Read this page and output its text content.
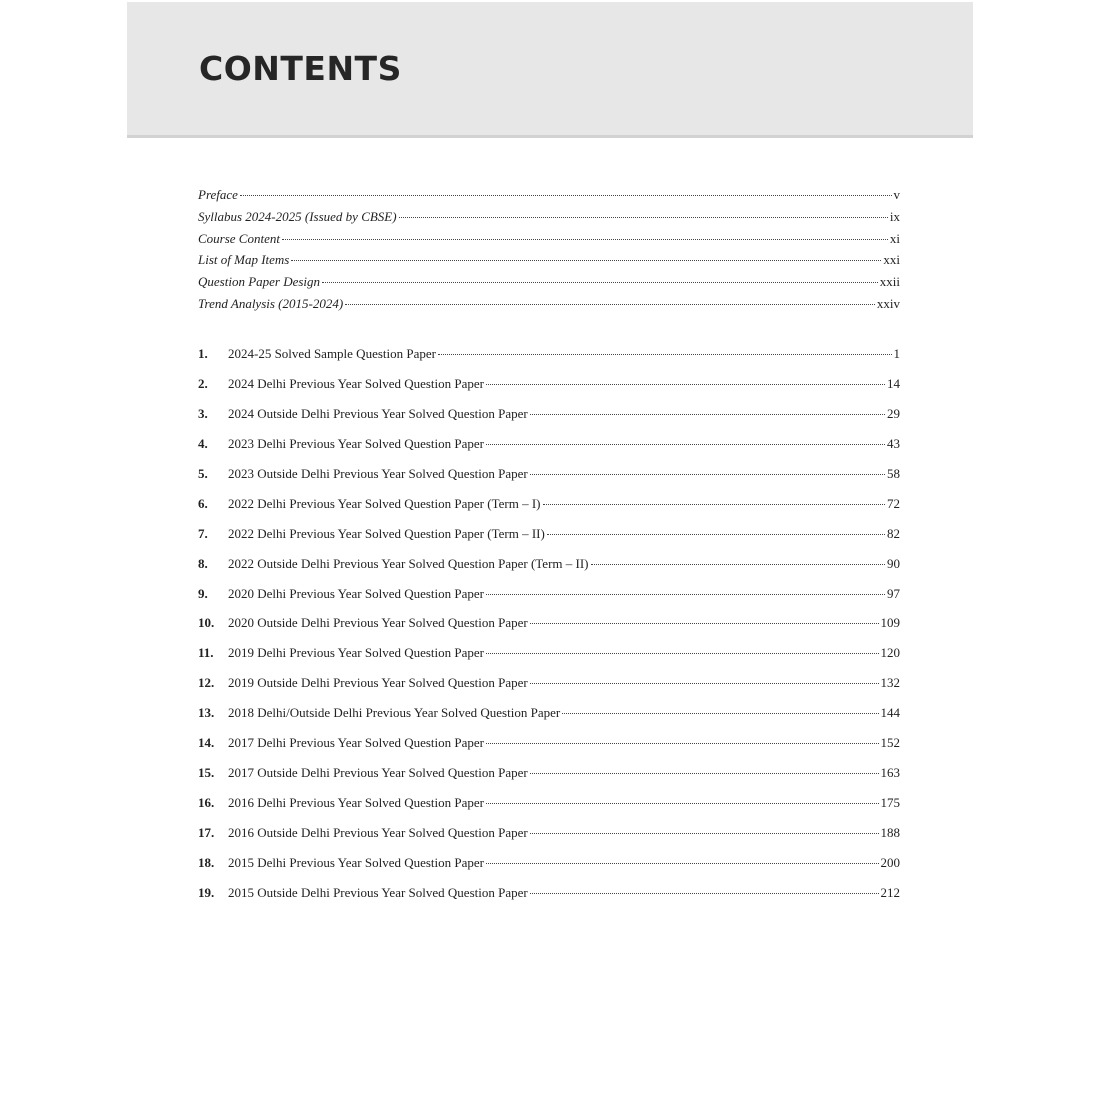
CONTENTS
Preface	v
Syllabus 2024-2025 (Issued by CBSE)	ix
Course Content	xi
List of Map Items	xxi
Question Paper Design	xxii
Trend Analysis (2015-2024)	xxiv
1.	2024-25 Solved Sample Question Paper	1
2.	2024 Delhi Previous Year Solved Question Paper	14
3.	2024 Outside Delhi Previous Year Solved Question Paper	29
4.	2023 Delhi Previous Year Solved Question Paper	43
5.	2023 Outside Delhi Previous Year Solved Question Paper	58
6.	2022 Delhi Previous Year Solved Question Paper (Term – I)	72
7.	2022 Delhi Previous Year Solved Question Paper (Term – II)	82
8.	2022 Outside Delhi Previous Year Solved Question Paper (Term – II)	90
9.	2020 Delhi Previous Year Solved Question Paper	97
10.	2020 Outside Delhi Previous Year Solved Question Paper	109
11.	2019 Delhi Previous Year Solved Question Paper	120
12.	2019 Outside Delhi Previous Year Solved Question Paper	132
13.	2018 Delhi/Outside Delhi Previous Year Solved Question Paper	144
14.	2017 Delhi Previous Year Solved Question Paper	152
15.	2017 Outside Delhi Previous Year Solved Question Paper	163
16.	2016 Delhi Previous Year Solved Question Paper	175
17.	2016 Outside Delhi Previous Year Solved Question Paper	188
18.	2015 Delhi Previous Year Solved Question Paper	200
19.	2015 Outside Delhi Previous Year Solved Question Paper	212
